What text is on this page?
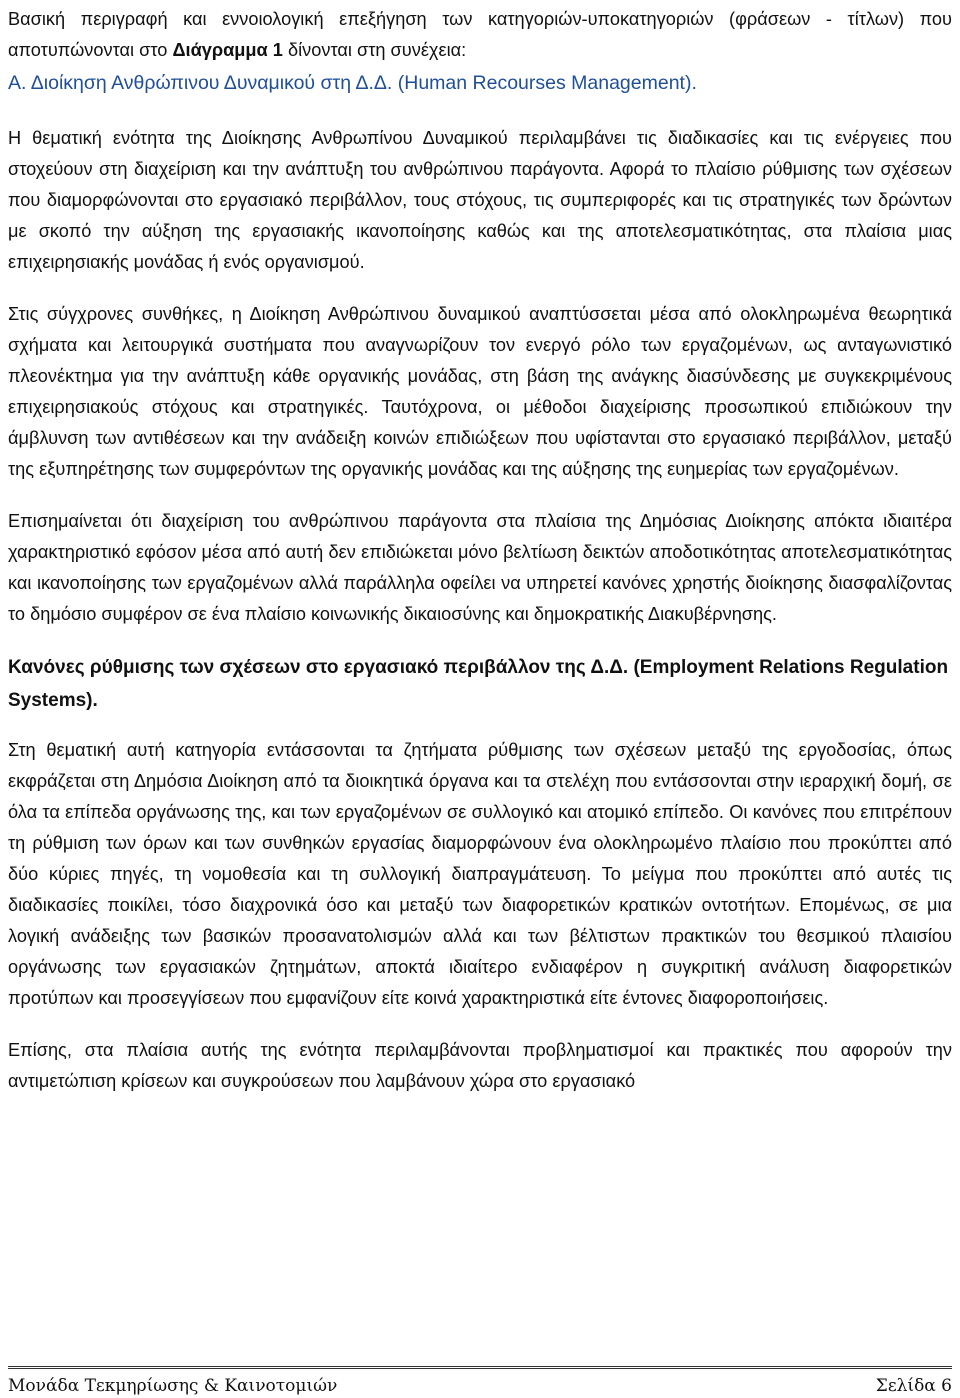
Βασική περιγραφή και εννοιολογική επεξήγηση των κατηγοριών-υποκατηγοριών (φράσεων - τίτλων) που αποτυπώνονται στο Διάγραμμα 1 δίνονται στη συνέχεια:

Α. Διοίκηση Ανθρώπινου Δυναμικού στη Δ.Δ. (Human Recourses Management).

Η θεματική ενότητα της Διοίκησης Ανθρωπίνου Δυναμικού περιλαμβάνει τις διαδικασίες και τις ενέργειες που στοχεύουν στη διαχείριση και την ανάπτυξη του ανθρώπινου παράγοντα. Αφορά το πλαίσιο ρύθμισης των σχέσεων που διαμορφώνονται στο εργασιακό περιβάλλον, τους στόχους, τις συμπεριφορές και τις στρατηγικές των δρώντων με σκοπό την αύξηση της εργασιακής ικανοποίησης καθώς και της αποτελεσματικότητας, στα πλαίσια μιας επιχειρησιακής μονάδας ή ενός οργανισμού.

Στις σύγχρονες συνθήκες, η Διοίκηση Ανθρώπινου δυναμικού αναπτύσσεται μέσα από ολοκληρωμένα θεωρητικά σχήματα και λειτουργικά συστήματα που αναγνωρίζουν τον ενεργό ρόλο των εργαζομένων, ως ανταγωνιστικό πλεονέκτημα για την ανάπτυξη κάθε οργανικής μονάδας, στη βάση της ανάγκης διασύνδεσης με συγκεκριμένους επιχειρησιακούς στόχους και στρατηγικές. Ταυτόχρονα, οι μέθοδοι διαχείρισης προσωπικού επιδιώκουν την άμβλυνση των αντιθέσεων και την ανάδειξη κοινών επιδιώξεων που υφίστανται στο εργασιακό περιβάλλον, μεταξύ της εξυπηρέτησης των συμφερόντων της οργανικής μονάδας και της αύξησης της ευημερίας των εργαζομένων.

Επισημαίνεται ότι διαχείριση του ανθρώπινου παράγοντα στα πλαίσια της Δημόσιας Διοίκησης απόκτα ιδιαιτέρα χαρακτηριστικό εφόσον μέσα από αυτή δεν επιδιώκεται μόνο βελτίωση δεικτών αποδοτικότητας αποτελεσματικότητας και ικανοποίησης των εργαζομένων αλλά παράλληλα οφείλει να υπηρετεί κανόνες χρηστής διοίκησης διασφαλίζοντας το δημόσιο συμφέρον σε ένα πλαίσιο κοινωνικής δικαιοσύνης και δημοκρατικής Διακυβέρνησης.

Κανόνες ρύθμισης των σχέσεων στο εργασιακό περιβάλλον της Δ.Δ. (Employment Relations Regulation Systems).

Στη θεματική αυτή κατηγορία εντάσσονται τα ζητήματα ρύθμισης των σχέσεων μεταξύ της εργοδοσίας, όπως εκφράζεται στη Δημόσια Διοίκηση από τα διοικητικά όργανα και τα στελέχη που εντάσσονται στην ιεραρχική δομή, σε όλα τα επίπεδα οργάνωσης της, και των εργαζομένων σε συλλογικό και ατομικό επίπεδο. Οι κανόνες που επιτρέπουν τη ρύθμιση των όρων και των συνθηκών εργασίας διαμορφώνουν ένα ολοκληρωμένο πλαίσιο που προκύπτει από δύο κύριες πηγές, τη νομοθεσία και τη συλλογική διαπραγμάτευση. Το μείγμα που προκύπτει από αυτές τις διαδικασίες ποικίλει, τόσο διαχρονικά όσο και μεταξύ των διαφορετικών κρατικών οντοτήτων. Επομένως, σε μια λογική ανάδειξης των βασικών προσανατολισμών αλλά και των βέλτιστων πρακτικών του θεσμικού πλαισίου οργάνωσης των εργασιακών ζητημάτων, αποκτά ιδιαίτερο ενδιαφέρον η συγκριτική ανάλυση διαφορετικών προτύπων και προσεγγίσεων που εμφανίζουν είτε κοινά χαρακτηριστικά είτε έντονες διαφοροποιήσεις.

Επίσης, στα πλαίσια αυτής της ενότητα περιλαμβάνονται προβληματισμοί και πρακτικές που αφορούν την αντιμετώπιση κρίσεων και συγκρούσεων που λαμβάνουν χώρα στο εργασιακό

Μονάδα Τεκμηρίωσης & Καινοτομιών	Σελίδα 6
